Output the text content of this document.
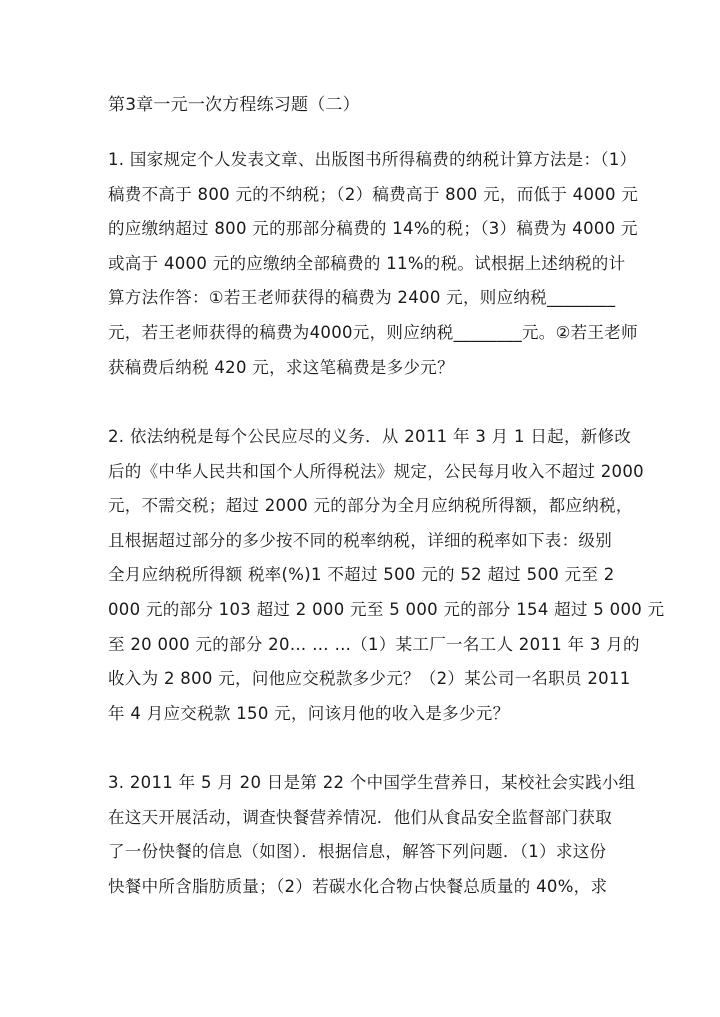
第3章一元一次方程练习题（二）
1. 国家规定个人发表文章、出版图书所得稿费的纳税计算方法是：（1）
稿费不高于 800 元的不纳税；（2）稿费高于 800 元，而低于 4000 元
的应缴纳超过 800 元的那部分稿费的 14%的税；（3）稿费为 4000 元
或高于 4000 元的应缴纳全部稿费的 11%的税。试根据上述纳税的计
算方法作答：①若王老师获得的稿费为 2400 元，则应纳税________
元，若王老师获得的稿费为4000元，则应纳税________元。②若王老师
获稿费后纳税 420 元，求这笔稿费是多少元？
2. 依法纳税是每个公民应尽的义务．从 2011 年 3 月 1 日起，新修改
后的《中华人民共和国个人所得税法》规定，公民每月收入不超过 2000
元，不需交税；超过 2000 元的部分为全月应纳税所得额，都应纳税，
且根据超过部分的多少按不同的税率纳税，详细的税率如下表：级别
全月应纳税所得额 税率(%)1 不超过 500 元的 52 超过 500 元至 2
000 元的部分 103 超过 2 000 元至 5 000 元的部分 154 超过 5 000 元
至 20 000 元的部分 20… … …（1）某工厂一名工人 2011 年 3 月的
收入为 2 800 元，问他应交税款多少元？（2）某公司一名职员 2011
年 4 月应交税款 150 元，问该月他的收入是多少元？
3. 2011 年 5 月 20 日是第 22 个中国学生营养日，某校社会实践小组
在这天开展活动，调查快餐营养情况．他们从食品安全监督部门获取
了一份快餐的信息（如图）．根据信息，解答下列问题．（1）求这份
快餐中所含脂肪质量；（2）若碳水化合物占快餐总质量的 40%，求
